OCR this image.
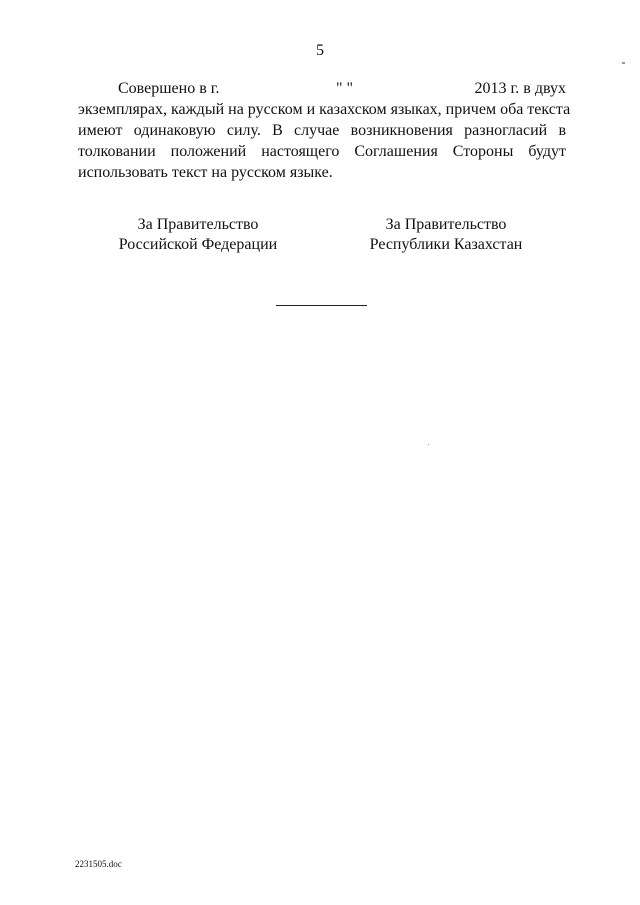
5
Совершено в г.	" "	2013 г. в двух
экземплярах, каждый на русском и казахском языках, причем оба текста
имеют одинаковую силу. В случае возникновения разногласий в
толковании положений настоящего Соглашения Стороны будут
использовать текст на русском языке.
За Правительство
Российской Федерации
За Правительство
Республики Казахстан
2231505.doc
